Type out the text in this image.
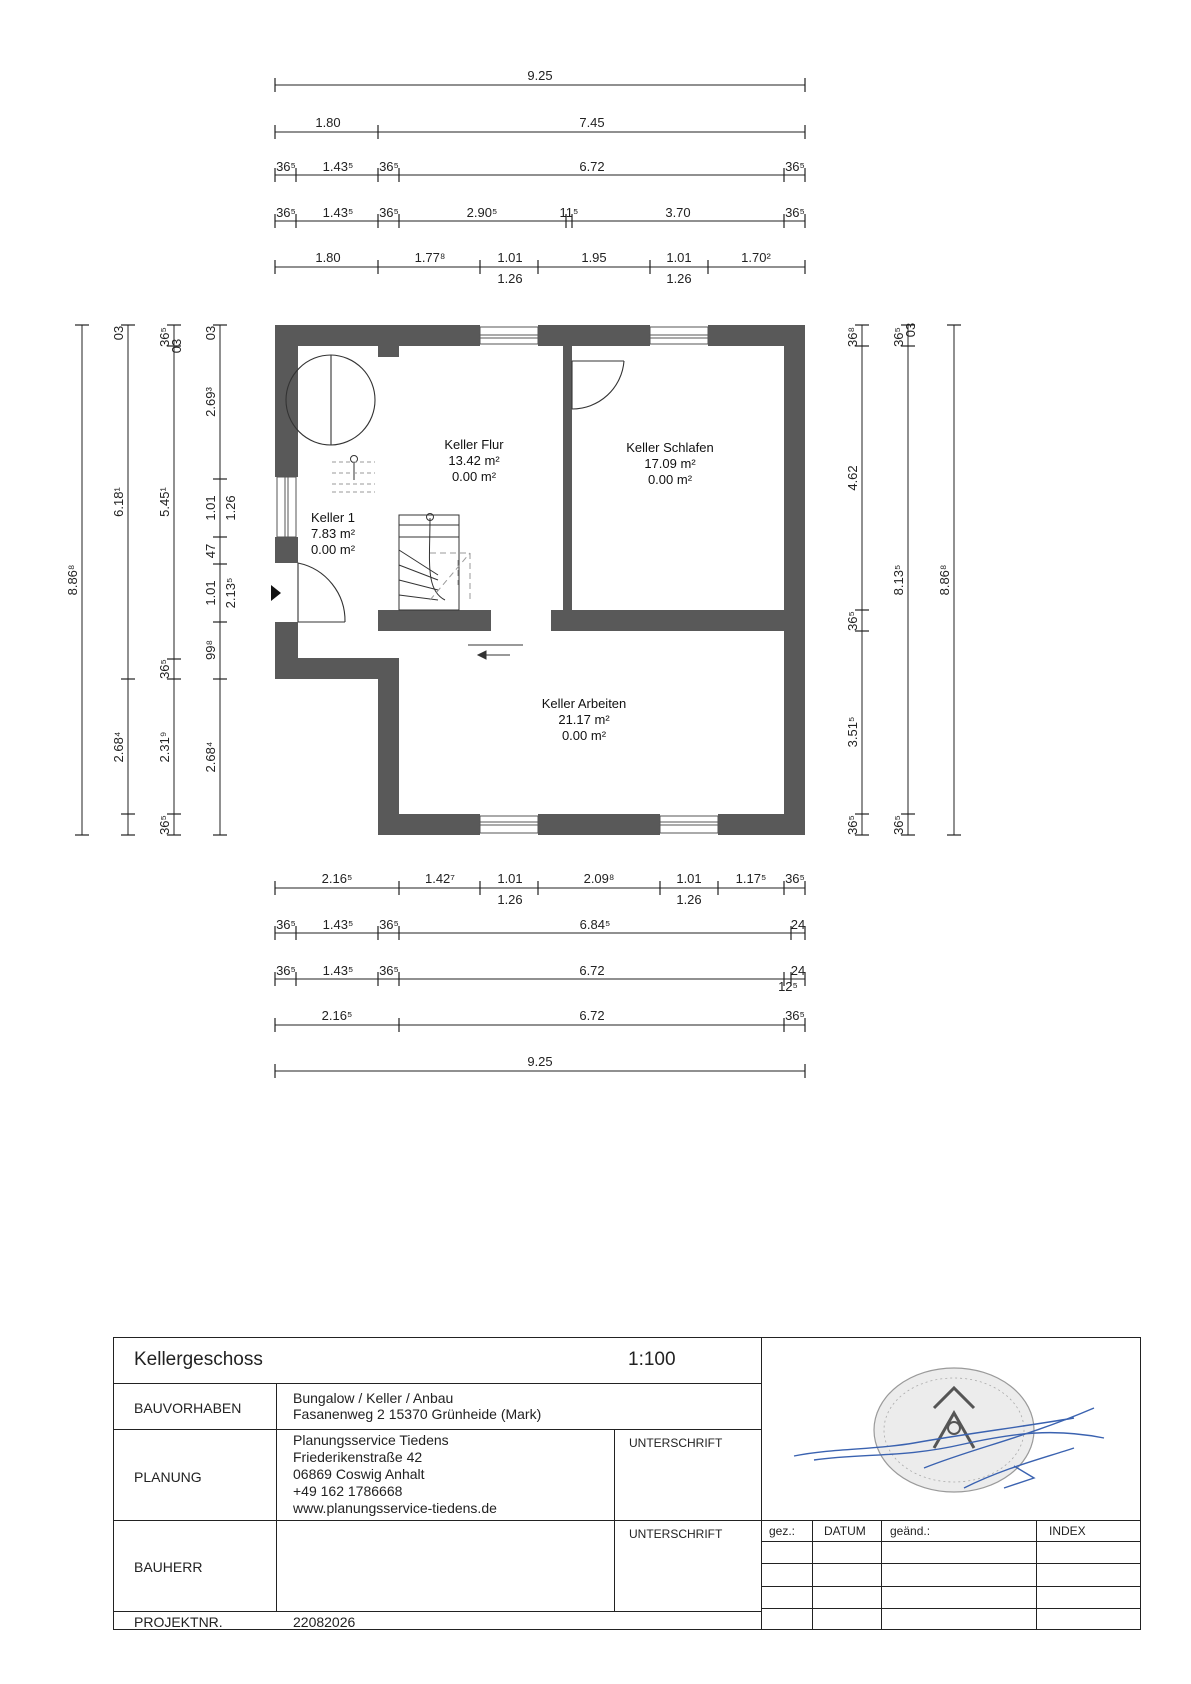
9.25
1.80	7.45
36⁵ 1.43⁵ 36⁵	6.72	36⁵
36⁵ 1.43⁵ 36⁵	2.90⁵	11⁵	3.70	36⁵
1.80	1.77⁸	1.01	1.95	1.01	1.70²
1.26	1.26
8.86⁸
03
6.18¹
2.68⁴
36⁵
03
5.45¹
36⁵
2.31⁹
36⁵
03
2.69³
1.01
47
1.01
99⁸
2.68⁴
1.26
2.13⁵
36⁸
4.62
36⁵
3.51⁵
36⁵
36⁵
03
8.13⁵
36⁵
8.86⁸
Keller Flur
13.42 m²
0.00 m²
Keller Schlafen
17.09 m²
0.00 m²
Keller 1
7.83 m²
0.00 m²
Keller Arbeiten
21.17 m²
0.00 m²
2.16⁵	1.42⁷	1.01	2.09⁸	1.01	1.17⁵ 36⁵
1.26	1.26
36⁵ 1.43⁵ 36⁵	6.84⁵	24
36⁵ 1.43⁵ 36⁵	6.72	24
12⁵
2.16⁵	6.72	36⁵
9.25
Kellergeschoss	1:100
BAUVORHABEN
Bungalow / Keller / Anbau
Fasanenweg 2 15370 Grünheide (Mark)
PLANUNG
Planungsservice Tiedens
Friederikenstraße 42
06869 Coswig Anhalt
+49 162 1786668
www.planungsservice-tiedens.de
UNTERSCHRIFT
BAUHERR
UNTERSCHRIFT
PROJEKTNR.	22082026
gez.: DATUM geänd.:	INDEX
